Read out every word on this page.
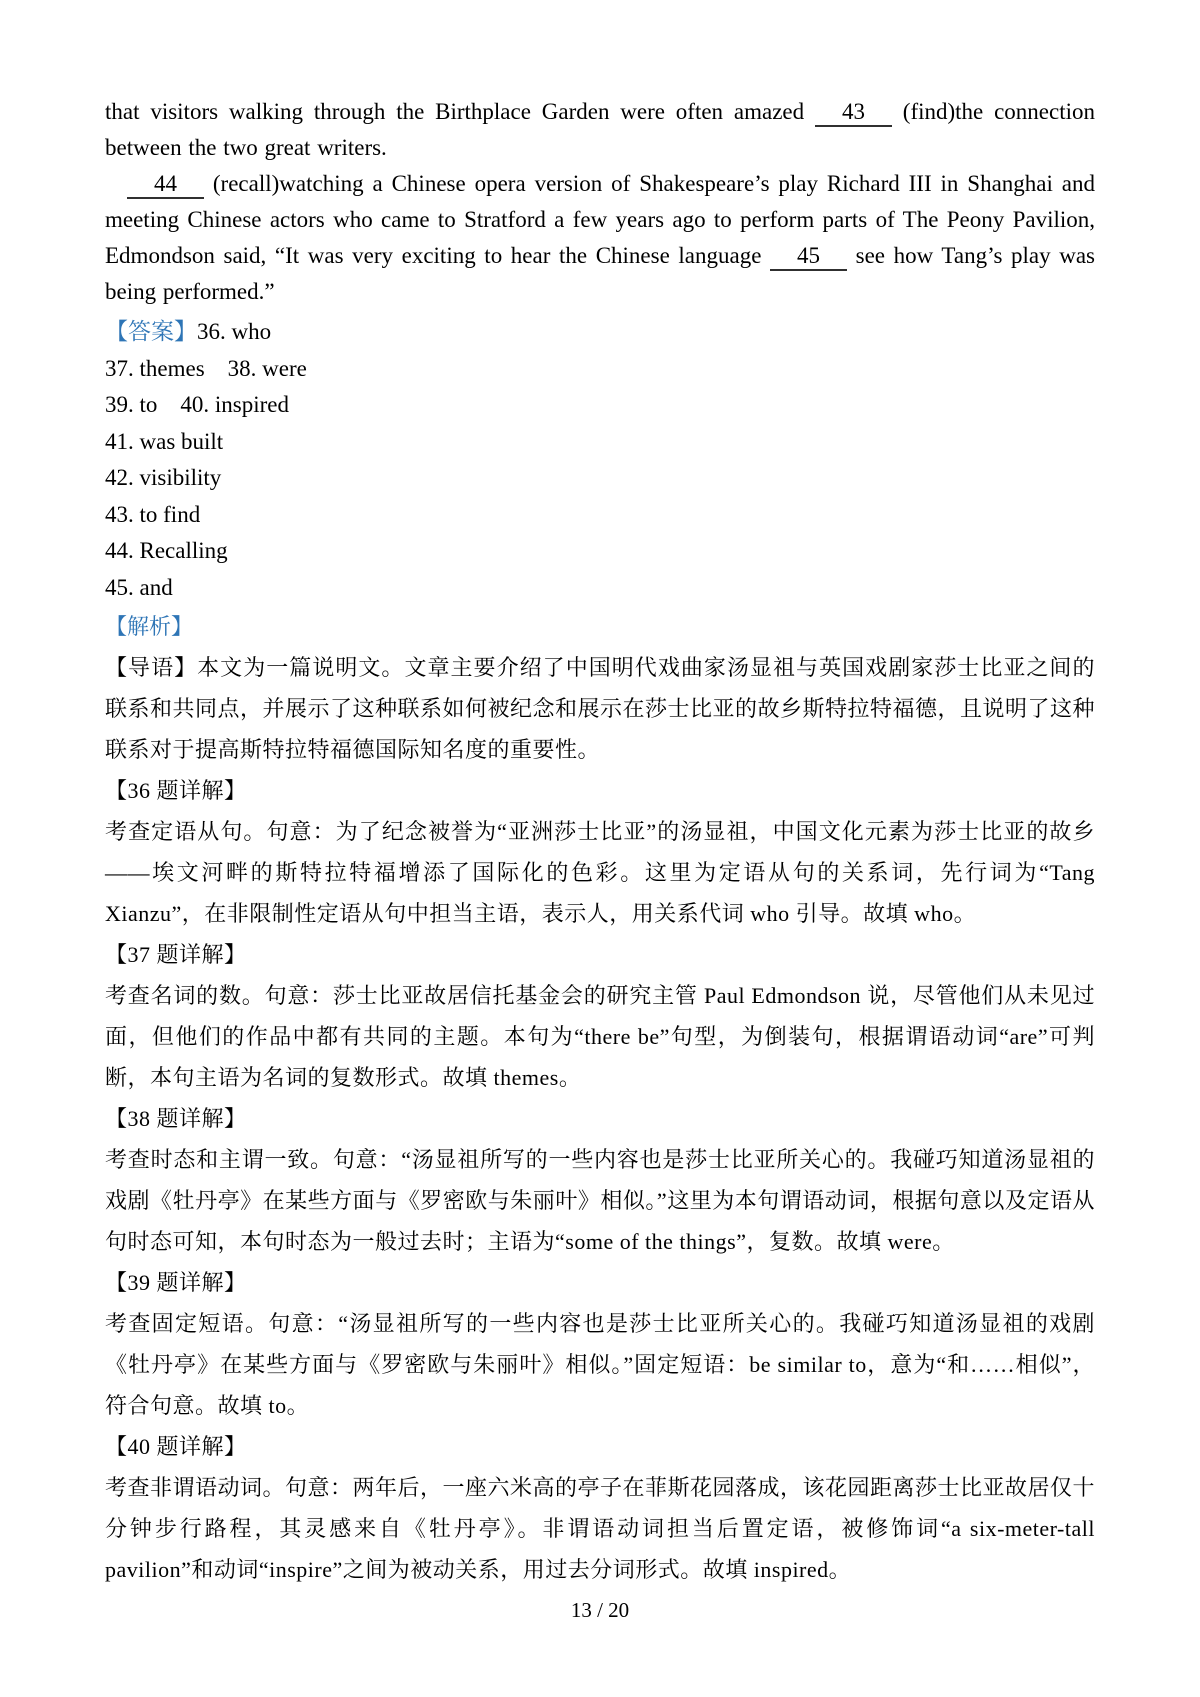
that visitors walking through the Birthplace Garden were often amazed 43 (find)the connection between the two great writers.

44 (recall)watching a Chinese opera version of Shakespeare’s play Richard III in Shanghai and meeting Chinese actors who came to Stratford a few years ago to perform parts of The Peony Pavilion, Edmondson said, “It was very exciting to hear the Chinese language 45 see how Tang’s play was being performed.”

【答案】36. who

37. themes    38. were

39. to    40. inspired

41. was built

42. visibility

43. to find

44. Recalling

45. and

【解析】

【导语】本文为一篇说明文。文章主要介绍了中国明代戏曲家汤显祖与英国戏剧家莎士比亚之间的联系和共同点，并展示了这种联系如何被纪念和展示在莎士比亚的故乡斯特拉特福德，且说明了这种联系对于提高斯特拉特福德国际知名度的重要性。

【36 题详解】

考查定语从句。句意：为了纪念被誉为“亚洲莎士比亚”的汤显祖，中国文化元素为莎士比亚的故乡——埃文河畔的斯特拉特福增添了国际化的色彩。这里为定语从句的关系词，先行词为“Tang Xianzu”，在非限制性定语从句中担当主语，表示人，用关系代词 who 引导。故填 who。

【37 题详解】

考查名词的数。句意：莎士比亚故居信托基金会的研究主管 Paul Edmondson 说，尽管他们从未见过面，但他们的作品中都有共同的主题。本句为“there be”句型，为倒装句，根据谓语动词“are”可判断，本句主语为名词的复数形式。故填 themes。

【38 题详解】

考查时态和主谓一致。句意：“汤显祖所写的一些内容也是莎士比亚所关心的。我碰巧知道汤显祖的戏剧《牡丹亭》在某些方面与《罗密欧与朱丽叶》相似。”这里为本句谓语动词，根据句意以及定语从句时态可知，本句时态为一般过去时；主语为“some of the things”，复数。故填 were。

【39 题详解】

考查固定短语。句意：“汤显祖所写的一些内容也是莎士比亚所关心的。我碰巧知道汤显祖的戏剧《牡丹亭》在某些方面与《罗密欧与朱丽叶》相似。”固定短语：be similar to，意为“和……相似”，符合句意。故填 to。

【40 题详解】

考查非谓语动词。句意：两年后，一座六米高的亭子在菲斯花园落成，该花园距离莎士比亚故居仅十分钟步行路程，其灵感来自《牡丹亭》。非谓语动词担当后置定语，被修饰词“a six-meter-tall pavilion”和动词“inspire”之间为被动关系，用过去分词形式。故填 inspired。

13 / 20
